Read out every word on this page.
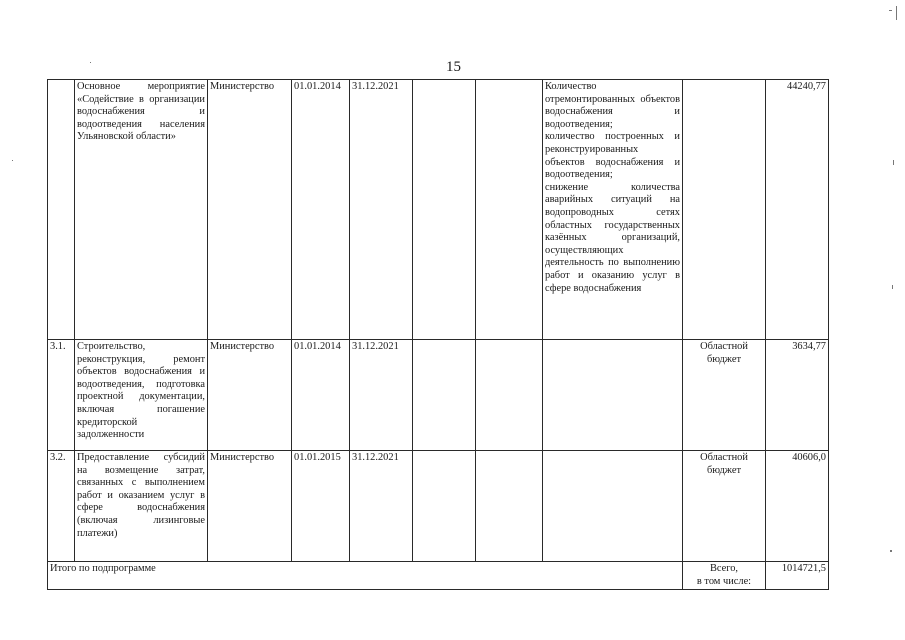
15
	Основное мероприятие «Содействие в организации водоснабжения и водоотведения населения Ульяновской области»	Министерство	01.01.2014	31.12.2021			Количество отремонтированных объектов водоснабжения и водоотведения;
количество построенных и реконструированных объектов водоснабжения и водоотведения;
снижение количества аварийных ситуаций на водопроводных сетях областных государственных казённых организаций, осуществляющих деятельность по выполнению работ и оказанию услуг в сфере водоснабжения		44240,77
3.1.	Строительство, реконструкция, ремонт объектов водоснабжения и водоотведения, подготовка проектной документации, включая погашение кредиторской задолженности	Министерство	01.01.2014	31.12.2021				Областной бюджет	3634,77
3.2.	Предоставление субсидий на возмещение затрат, связанных с выполнением работ и оказанием услуг в сфере водоснабжения (включая лизинговые платежи)	Министерство	01.01.2015	31.12.2021				Областной бюджет	40606,0
Итого по подпрограмме								Всего,
в том числе:	1014721,5
